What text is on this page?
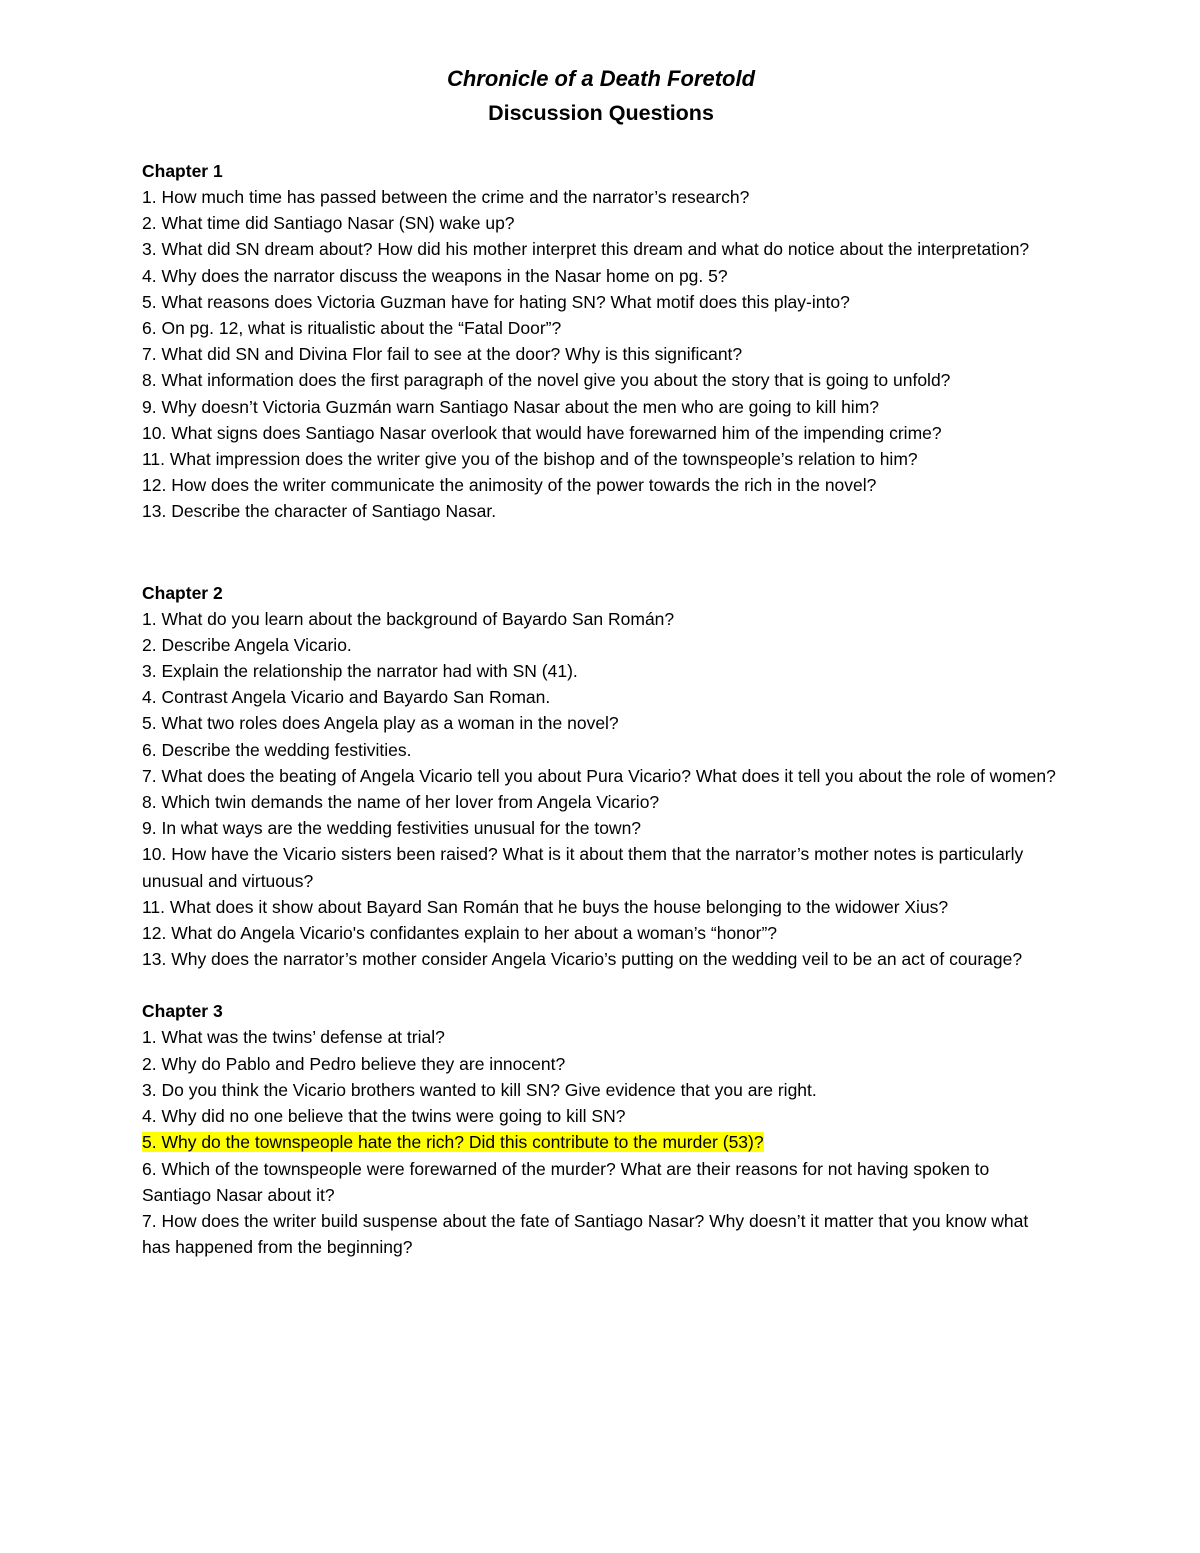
Chronicle of a Death Foretold
Discussion Questions

Chapter 1

1. How much time has passed between the crime and the narrator’s research?

2. What time did Santiago Nasar (SN) wake up?

3. What did SN dream about? How did his mother interpret this dream and what do notice about the interpretation?

4. Why does the narrator discuss the weapons in the Nasar home on pg. 5?

5. What reasons does Victoria Guzman have for hating SN? What motif does this play-into?

6. On pg. 12, what is ritualistic about the “Fatal Door”?

7. What did SN and Divina Flor fail to see at the door? Why is this significant?

8. What information does the first paragraph of the novel give you about the story that is going to unfold?

9. Why doesn’t Victoria Guzmán warn Santiago Nasar about the men who are going to kill him?

10. What signs does Santiago Nasar overlook that would have forewarned him of the impending crime?

11. What impression does the writer give you of the bishop and of the townspeople’s relation to him?

12. How does the writer communicate the animosity of the power towards the rich in the novel?

13. Describe the character of Santiago Nasar.

Chapter 2

1. What do you learn about the background of Bayardo San Román?

2. Describe Angela Vicario.

3. Explain the relationship the narrator had with SN (41).

4. Contrast Angela Vicario and Bayardo San Roman.

5. What two roles does Angela play as a woman in the novel?

6. Describe the wedding festivities.

7. What does the beating of Angela Vicario tell you about Pura Vicario? What does it tell you about the role of women?

8. Which twin demands the name of her lover from Angela Vicario?

9. In what ways are the wedding festivities unusual for the town?

10. How have the Vicario sisters been raised? What is it about them that the narrator’s mother notes is particularly unusual and virtuous?

11. What does it show about Bayard San Román that he buys the house belonging to the widower Xius?

12. What do Angela Vicario's confidantes explain to her about a woman’s “honor”?

13. Why does the narrator’s mother consider Angela Vicario’s putting on the wedding veil to be an act of courage?

Chapter 3

1. What was the twins’ defense at trial?

2. Why do Pablo and Pedro believe they are innocent?

3. Do you think the Vicario brothers wanted to kill SN? Give evidence that you are right.

4. Why did no one believe that the twins were going to kill SN?

5. Why do the townspeople hate the rich? Did this contribute to the murder (53)?

6. Which of the townspeople were forewarned of the murder? What are their reasons for not having spoken to Santiago Nasar about it?

7. How does the writer build suspense about the fate of Santiago Nasar? Why doesn’t it matter that you know what has happened from the beginning?
